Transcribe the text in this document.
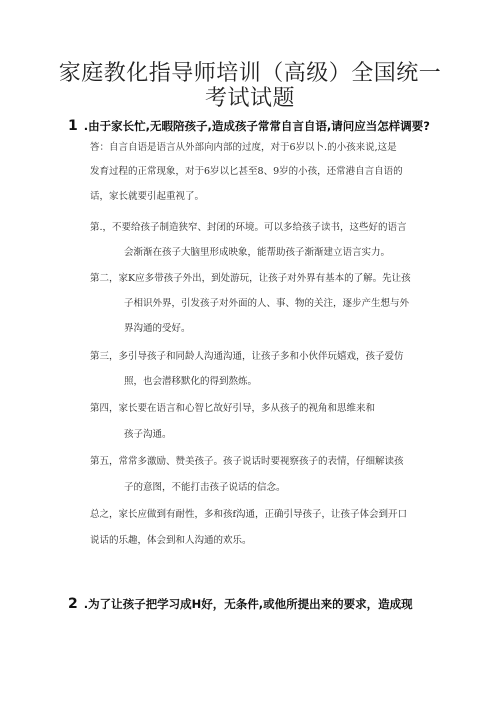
家庭教化指导师培训（高级）全国统一
考试试题
1 .由于家长忙,无暇陪孩子,造成孩子常常自言自语,请问应当怎样调要?
答：自言自语是语言从外部向内部的过度，对于6岁以卜.的小孩来说,这是
发育过程的正常现象，对于6岁以匕甚至8、9岁的小孩，还常港自言自语的
话，家长就要引起重视了。
第.，不要给孩子制造狭窄、封闭的环境。可以多给孩子读书，这些好的语言
会渐渐在孩子大脑里形成映象，能帮助孩子渐渐建立语言实力。
第二，家K应多带孩子外出，到处游玩，让孩子对外界有基本的了解。先让孩
子相识外界，引发孩子对外面的人、事、物的关注，逐步产生想与外
界沟通的受好。
第三，多引导孩子和同龄人沟通沟通，让孩子多和小伙伴玩嬉戏，孩子爱仿
照，也会潜移默化的得到熬炼。
第四，家长要在语言和心智匕故好引导，多从孩子的视角和思维来和
孩子沟通。
第五，常常多激励、赞美孩子。孩子说话时要视察孩子的表情，仔细解读孩
子的意图，不能打击孩子说话的信念。
总之，家长应做到有耐性，多和孩f沟通，正确引导孩子，让孩子体会到开口
说话的乐趣，体会到和人沟通的欢乐。
2 .为了让孩子把学习成H好，无条件,或他所提出来的要求，造成现
